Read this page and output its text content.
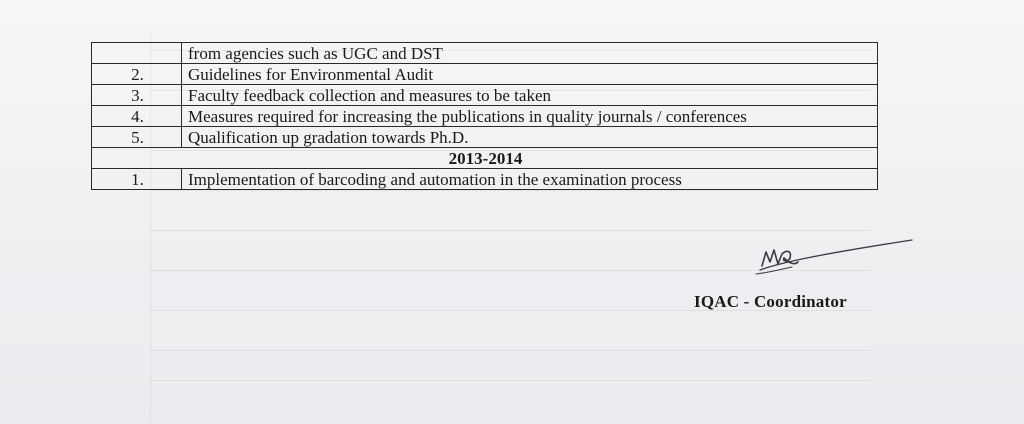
	from agencies such as UGC and DST
2.	Guidelines for Environmental Audit
3.	Faculty feedback collection and measures to be taken
4.	Measures required for increasing the publications in quality journals / conferences
5.	Qualification up gradation towards Ph.D.
2013-2014	
1.	Implementation of barcoding and automation in the examination process
IQAC - Coordinator
